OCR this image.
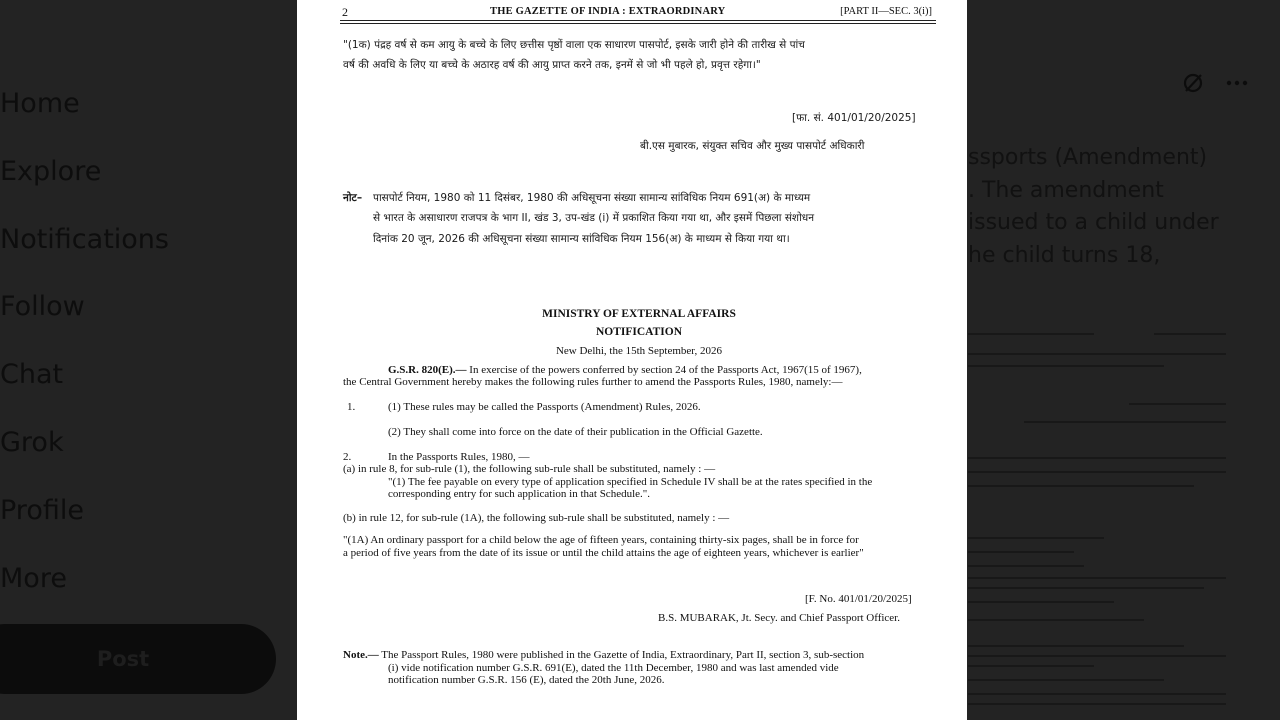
Home
Explore
Notifications
Follow
Chat
Grok
Profile
More
Post
ssports (Amendment)
. The amendment
issued to a child under
he child turns 18,
2	THE GAZETTE OF INDIA : EXTRAORDINARY	[PART II—SEC. 3(i)]
"(1क) पंद्रह वर्ष से कम आयु के बच्चे के लिए छत्तीस पृष्ठों वाला एक साधारण पासपोर्ट, इसके जारी होने की तारीख से पांच
वर्ष की अवधि के लिए या बच्चे के अठारह वर्ष की आयु प्राप्त करने तक, इनमें से जो भी पहले हो, प्रवृत्त रहेगा।"
[फा. सं. 401/01/20/2025]
बी.एस मुबारक, संयुक्त सचिव और मुख्य पासपोर्ट अधिकारी
नोट– पासपोर्ट नियम, 1980 को 11 दिसंबर, 1980 की अधिसूचना संख्या सामान्य सांविधिक नियम 691(अ) के माध्यम
से भारत के असाधारण राजपत्र के भाग II, खंड 3, उप-खंड (i) में प्रकाशित किया गया था, और इसमें पिछला संशोधन
दिनांक 20 जून, 2026 की अधिसूचना संख्या सामान्य सांविधिक नियम 156(अ) के माध्यम से किया गया था।
MINISTRY OF EXTERNAL AFFAIRS
NOTIFICATION
New Delhi, the 15th September, 2026
G.S.R. 820(E).— In exercise of the powers conferred by section 24 of the Passports Act, 1967(15 of 1967),
the Central Government hereby makes the following rules further to amend the Passports Rules, 1980, namely:—
1.	(1) These rules may be called the Passports (Amendment) Rules, 2026.
(2) They shall come into force on the date of their publication in the Official Gazette.
2.	In the Passports Rules, 1980, —
(a) in rule 8, for sub-rule (1), the following sub-rule shall be substituted, namely : —
"(1) The fee payable on every type of application specified in Schedule IV shall be at the rates specified in the
corresponding entry for such application in that Schedule.".
(b) in rule 12, for sub-rule (1A), the following sub-rule shall be substituted, namely : —
"(1A) An ordinary passport for a child below the age of fifteen years, containing thirty-six pages, shall be in force for
a period of five years from the date of its issue or until the child attains the age of eighteen years, whichever is earlier"
[F. No. 401/01/20/2025]
B.S. MUBARAK, Jt. Secy. and Chief Passport Officer.
Note.— The Passport Rules, 1980 were published in the Gazette of India, Extraordinary, Part II, section 3, sub-section
(i) vide notification number G.S.R. 691(E), dated the 11th December, 1980 and was last amended vide
notification number G.S.R. 156 (E), dated the 20th June, 2026.
